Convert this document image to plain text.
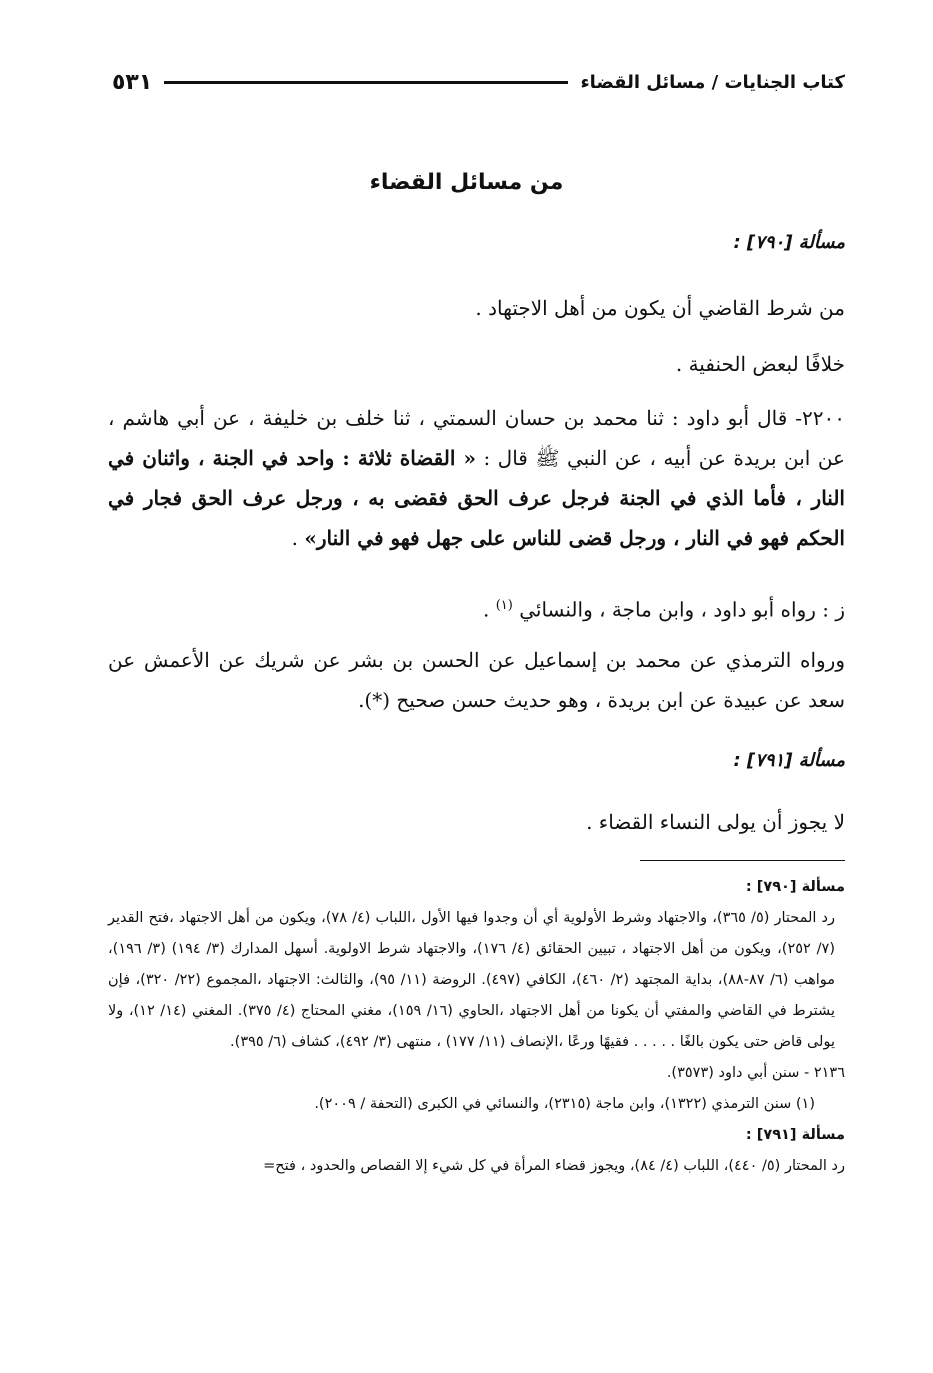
كتاب الجنايات / مسائل القضاء
٥٣١
من مسائل القضاء
مسألة [٧٩٠] :
من شرط القاضي أن يكون من أهل الاجتهاد .
خلافًا لبعض الحنفية .
٢٢٠٠- قال أبو داود : ثنا محمد بن حسان السمتي ، ثنا خلف بن خليفة ، عن أبي هاشم ، عن ابن بريدة عن أبيه ، عن النبي ﷺ قال : « القضاة ثلاثة : واحد في الجنة ، واثنان في النار ، فأما الذي في الجنة فرجل عرف الحق فقضى به ، ورجل عرف الحق فجار في الحكم فهو في النار ، ورجل قضى للناس على جهل فهو في النار» .
ز : رواه أبو داود ، وابن ماجة ، والنسائي $^{(١)}$ .
ورواه الترمذي عن محمد بن إسماعيل عن الحسن بن بشر عن شريك عن الأعمش عن سعد عن عبيدة عن ابن بريدة ، وهو حديث حسن صحيح (*).
مسألة [٧٩١] :
لا يجوز أن يولى النساء القضاء .
مسألة [٧٩٠] :
رد المحتار (٥/ ٣٦٥)، والاجتهاد وشرط الأولوية أي أن وجدوا فيها الأول ،اللباب (٤/ ٧٨)، ويكون من أهل الاجتهاد ،فتح القدير (٧/ ٢٥٢)، ويكون من أهل الاجتهاد ، تبيين الحقائق (٤/ ١٧٦)، والاجتهاد شرط الاولوية. أسهل المدارك (٣/ ١٩٤) (٣/ ١٩٦)، مواهب (٦/ ٨٧-٨٨)، بداية المجتهد (٢/ ٤٦٠)، الكافي (٤٩٧). الروضة (١١/ ٩٥)، والثالث: الاجتهاد ،المجموع (٢٢/ ٣٢٠)، فإن يشترط في القاضي والمفتي أن يكونا من أهل الاجتهاد ،الحاوي (١٦/ ١٥٩)، مغني المحتاج (٤/ ٣٧٥). المغني (١٤/ ١٢)، ولا يولى قاض حتى يكون بالغًا . . . . . فقيهًا ورعًا ،الإنصاف (١١/ ١٧٧) ، منتهى (٣/ ٤٩٢)، كشاف (٦/ ٣٩٥).
٢١٣٦ - سنن أبي داود (٣٥٧٣).
(١) سنن الترمذي (١٣٢٢)، وابن ماجة (٢٣١٥)، والنسائي في الكبرى (التحفة / ٢٠٠٩).
مسألة [٧٩١] :
رد المحتار (٥/ ٤٤٠)، اللباب (٤/ ٨٤)، ويجوز قضاء المرأة في كل شيء إلا القصاص والحدود ، فتح=
